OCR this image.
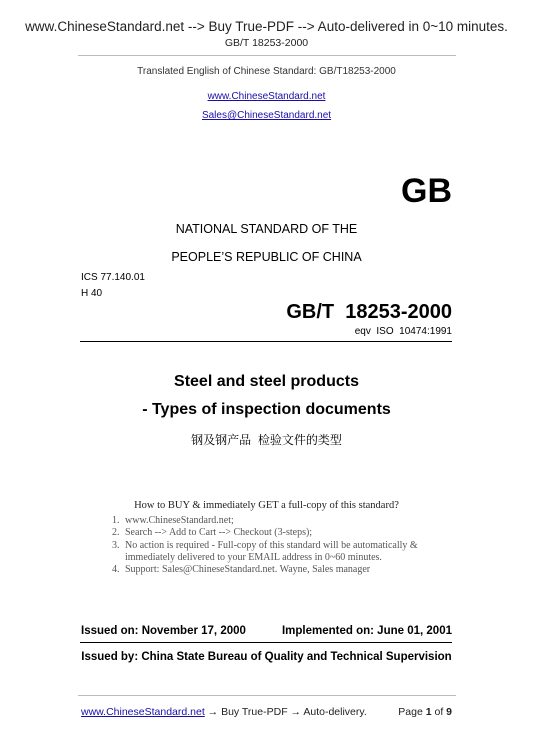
www.ChineseStandard.net --> Buy True-PDF --> Auto-delivered in 0~10 minutes.
GB/T 18253-2000
Translated English of Chinese Standard: GB/T18253-2000
www.ChineseStandard.net
Sales@ChineseStandard.net
GB
NATIONAL STANDARD OF THE
PEOPLE’S REPUBLIC OF CHINA
ICS 77.140.01
H 40
GB/T  18253-2000
eqv  ISO  10474:1991
Steel and steel products
- Types of inspection documents
钢及钢产品  检验文件的类型
How to BUY & immediately GET a full-copy of this standard?
1. www.ChineseStandard.net;
2. Search --> Add to Cart --> Checkout (3-steps);
3. No action is required - Full-copy of this standard will be automatically & immediately delivered to your EMAIL address in 0~60 minutes.
4. Support: Sales@ChineseStandard.net. Wayne, Sales manager
Issued on: November 17, 2000	Implemented on: June 01, 2001
Issued by: China State Bureau of Quality and Technical Supervision
www.ChineseStandard.net → Buy True-PDF → Auto-delivery.	Page 1 of 9
